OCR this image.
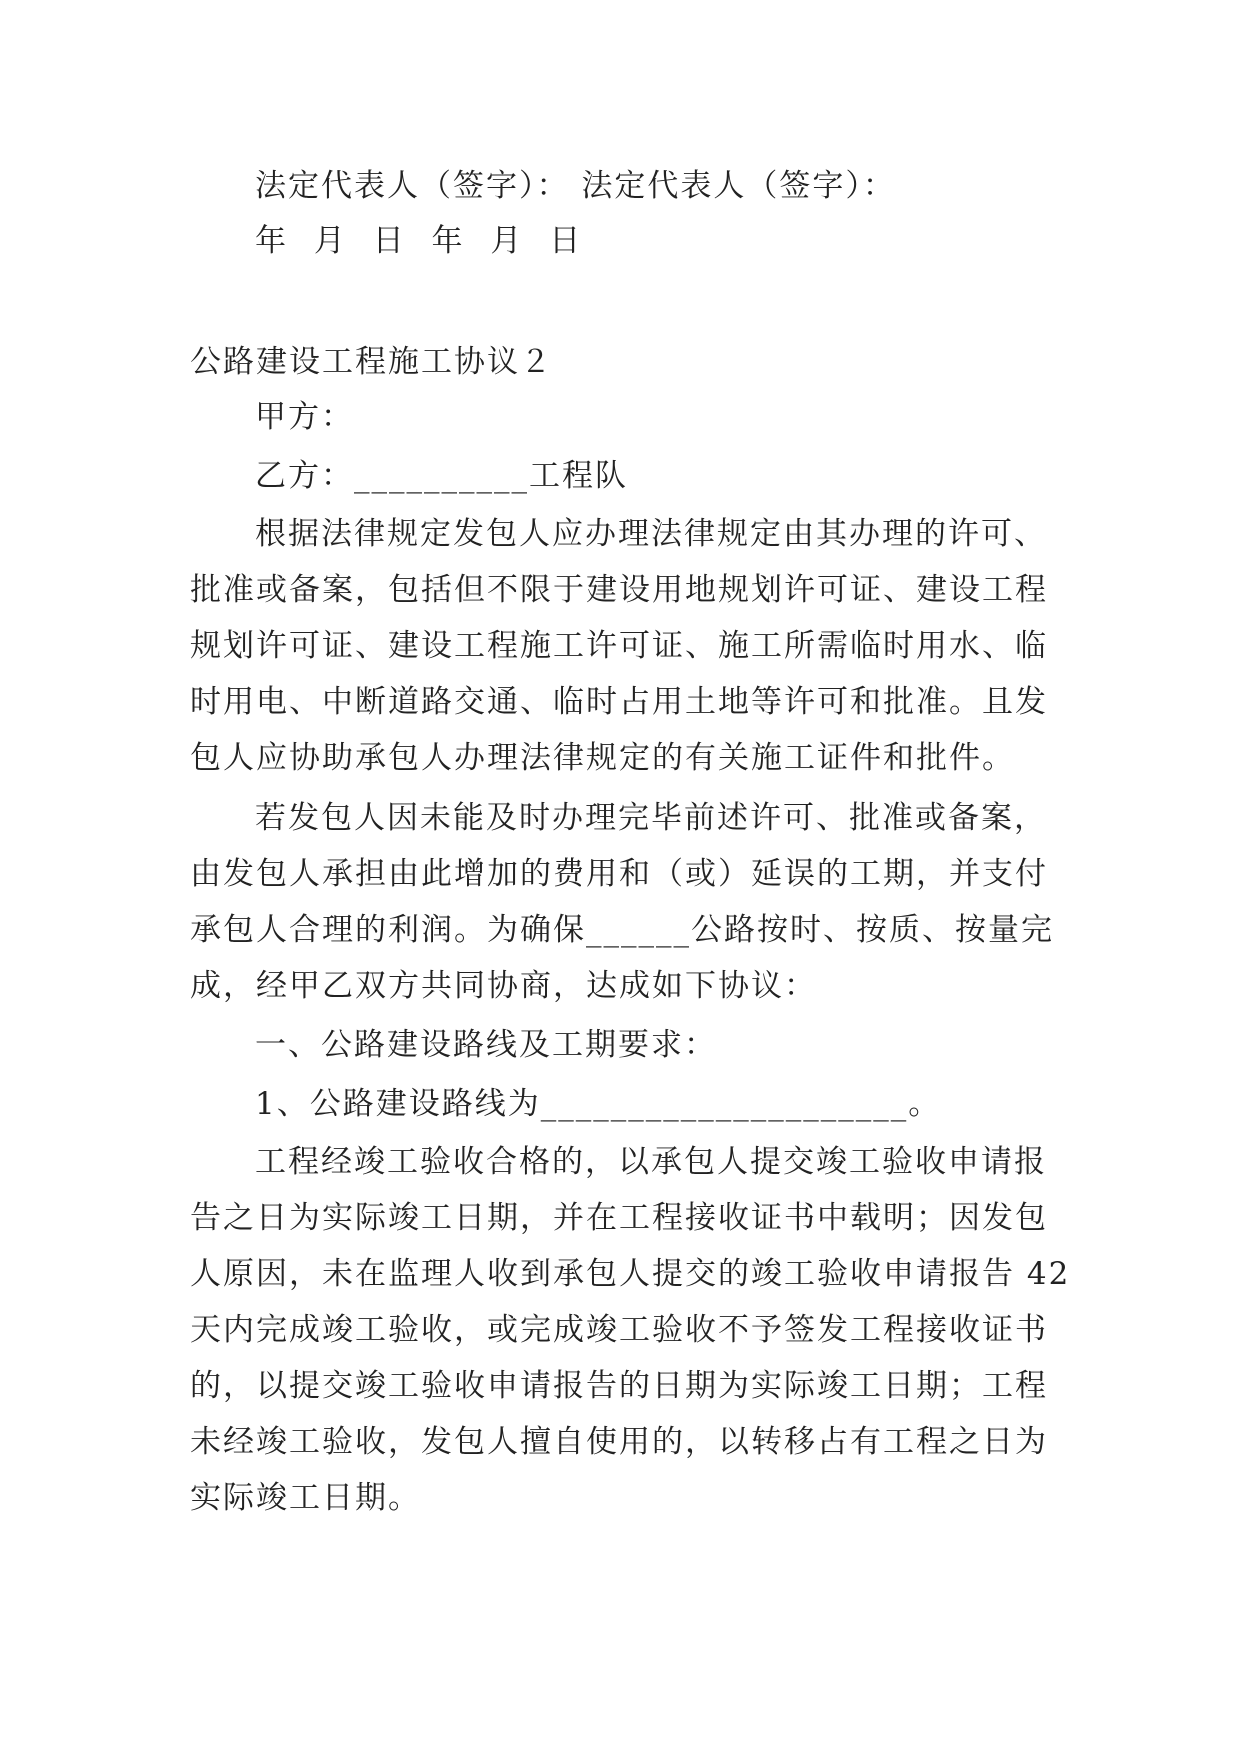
法定代表人（签字）： 法定代表人（签字）：
年 月 日 年 月 日
公路建设工程施工协议２
甲方：
乙方：__________工程队
根据法律规定发包人应办理法律规定由其办理的许可、
批准或备案，包括但不限于建设用地规划许可证、建设工程
规划许可证、建设工程施工许可证、施工所需临时用水、临
时用电、中断道路交通、临时占用土地等许可和批准。且发
包人应协助承包人办理法律规定的有关施工证件和批件。
若发包人因未能及时办理完毕前述许可、批准或备案，
由发包人承担由此增加的费用和（或）延误的工期，并支付
承包人合理的利润。为确保______公路按时、按质、按量完
成，经甲乙双方共同协商，达成如下协议：
一、公路建设路线及工期要求：
1、公路建设路线为_____________________。
工程经竣工验收合格的，以承包人提交竣工验收申请报
告之日为实际竣工日期，并在工程接收证书中载明；因发包
人原因，未在监理人收到承包人提交的竣工验收申请报告 42
天内完成竣工验收，或完成竣工验收不予签发工程接收证书
的，以提交竣工验收申请报告的日期为实际竣工日期；工程
未经竣工验收，发包人擅自使用的，以转移占有工程之日为
实际竣工日期。
